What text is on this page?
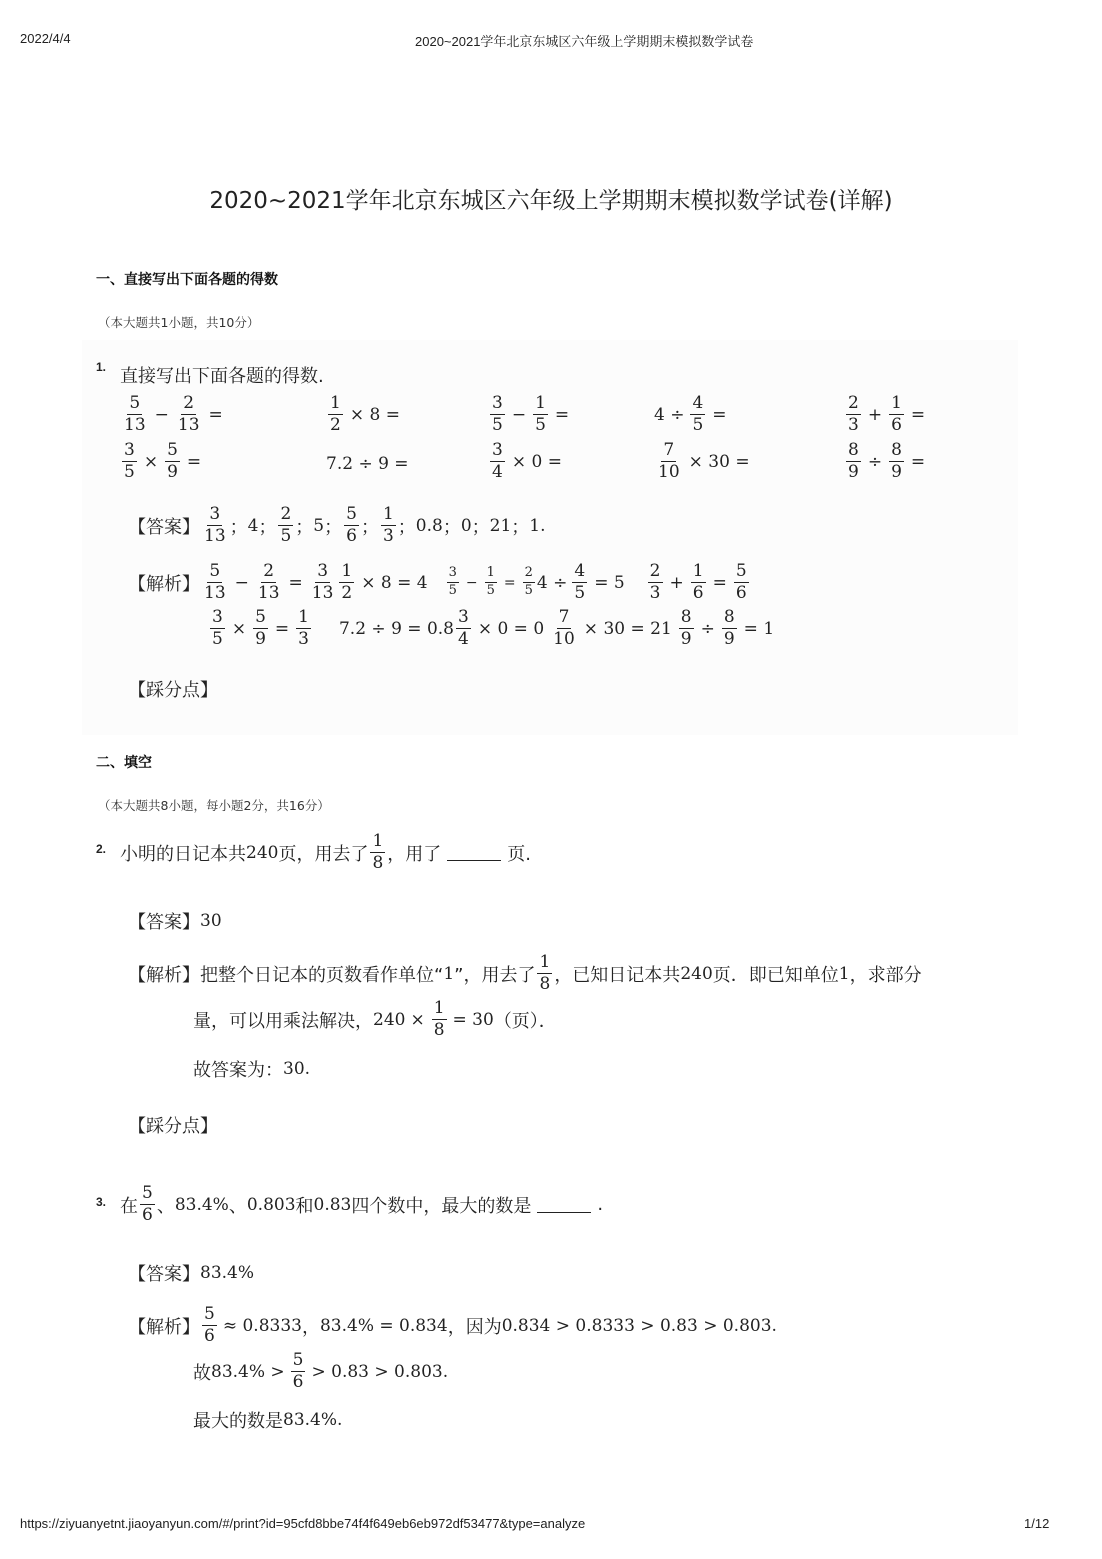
2022/4/4	2020~2021学年北京东城区六年级上学期期末模拟数学试卷
2020~2021学年北京东城区六年级上学期期末模拟数学试卷(详解)
一、直接写出下面各题的得数
（本大题共1小题，共10分）
1. 直接写出下面各题的得数.
$\frac{5}{13} - \frac{2}{13}$ =	$\frac{1}{2} \times 8$ =	$\frac{3}{5} - \frac{1}{5}$ =	$4 \div \frac{4}{5}$ =	$\frac{2}{3} + \frac{1}{6}$ =
$\frac{3}{5} \times \frac{5}{9}$ =	7.2 ÷ 9 =	$\frac{3}{4} \times 0$ =	$\frac{7}{10} \times 30$ =	$\frac{8}{9} \div \frac{8}{9}$ =
【答案】 $\frac{3}{13}$ ； 4 ； $\frac{2}{5}$ ； 5 ； $\frac{5}{6}$ ； $\frac{1}{3}$ ； 0.8 ； 0 ； 21 ； 1 .
【解析】 $\frac{5}{13} - \frac{2}{13} = \frac{3}{13} \frac{1}{2} \times 8 = 4 \frac{3}{5} - \frac{1}{5} = \frac{2}{5} 4 \div \frac{4}{5} = 5 \frac{2}{3} + \frac{1}{6} = \frac{5}{6}$
$\frac{3}{5} \times \frac{5}{9} = \frac{1}{3} 7.2 \div 9 = 0.8 \frac{3}{4} \times 0 = 0 \frac{7}{10} \times 30 = 21 \frac{8}{9} \div \frac{8}{9} = 1$
【踩分点】
二、填空
（本大题共8小题，每小题2分，共16分）
2. 小明的日记本共 240 页，用去了 $\frac{1}{8}$ ，用了	页.
【答案】 30
【解析】 把整个日记本的页数看作单位“ 1 ”，用去了 $\frac{1}{8}$ ，已知日记本共 240 页．即已知单位 1 ，求部分
量，可以用乘法解决， $240 \times \frac{1}{8} = 30$ （页）．
故答案为： 30 .
【踩分点】
3. 在 $\frac{5}{6}$ 、 83.4% 、 0.803 和 0.83 四个数中，最大的数是	.
【答案】 83.4%
【解析】 $\frac{5}{6} \approx 0.8333$ ， 83.4% = 0.834 ，因为 0.834 > 0.8333 > 0.83 > 0.803 .
故 $83.4\% > \frac{5}{6} > 0.83 > 0.803$ .
最大的数是 83.4% .
https://ziyuanyetnt.jiaoyanyun.com/#/print?id=95cfd8bbe74f4f649eb6eb972df53477&type=analyze	1/12
